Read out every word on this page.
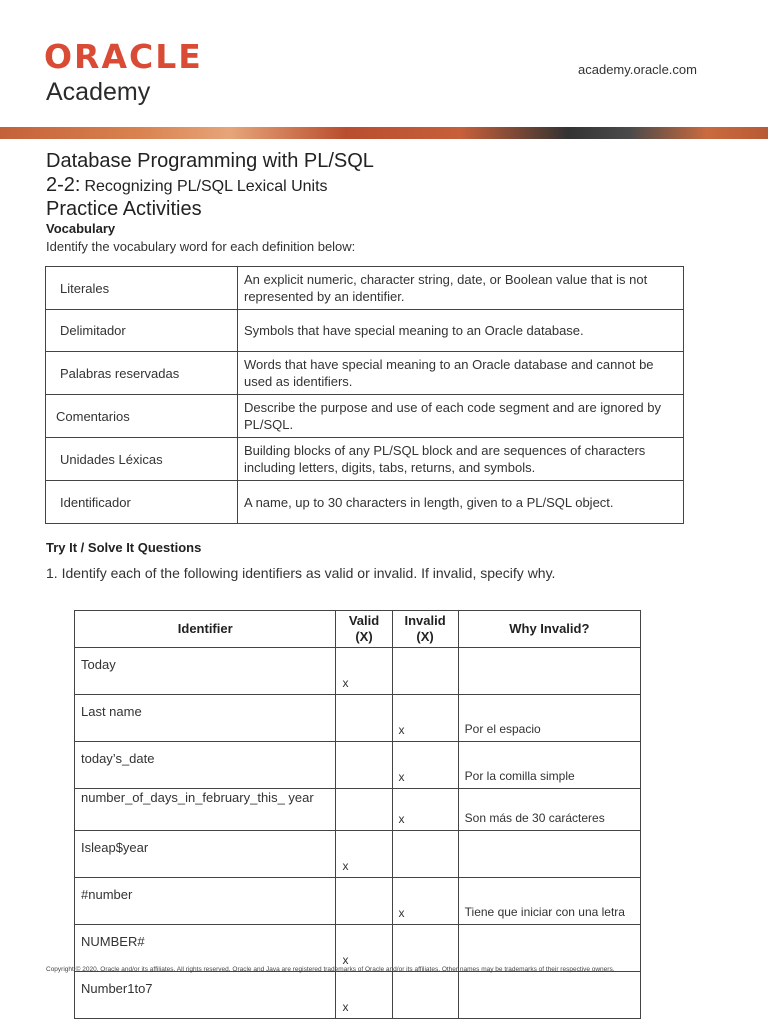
ORACLE
Academy
academy.oracle.com
Database Programming with PL/SQL
2-2: Recognizing PL/SQL Lexical Units
Practice Activities
Vocabulary
Identify the vocabulary word for each definition below:
Literales	An explicit numeric, character string, date, or Boolean value that is not represented by an identifier.
Delimitador	Symbols that have special meaning to an Oracle database.
Palabras reservadas	Words that have special meaning to an Oracle database and cannot be used as identifiers.
Comentarios	Describe the purpose and use of each code segment and are ignored by PL/SQL.
Unidades Léxicas	Building blocks of any PL/SQL block and are sequences of characters including letters, digits, tabs, returns, and symbols.
Identificador	A name, up to 30 characters in length, given to a PL/SQL object.
Try It / Solve It Questions
1. Identify each of the following identifiers as valid or invalid. If invalid, specify why.
Identifier	Valid (X)	Invalid (X)	Why Invalid?
Today	x		
Last name		x	Por el espacio
today’s_date		x	Por la comilla simple
number_of_days_in_february_this_ year		x	Son más de 30 carácteres
Isleap$year	x		
#number		x	Tiene que iniciar con una letra
NUMBER#	x		
Number1to7	x		
Copyright © 2020, Oracle and/or its affiliates. All rights reserved. Oracle and Java are registered trademarks of Oracle and/or its affiliates. Other names may be trademarks of their respective owners.
